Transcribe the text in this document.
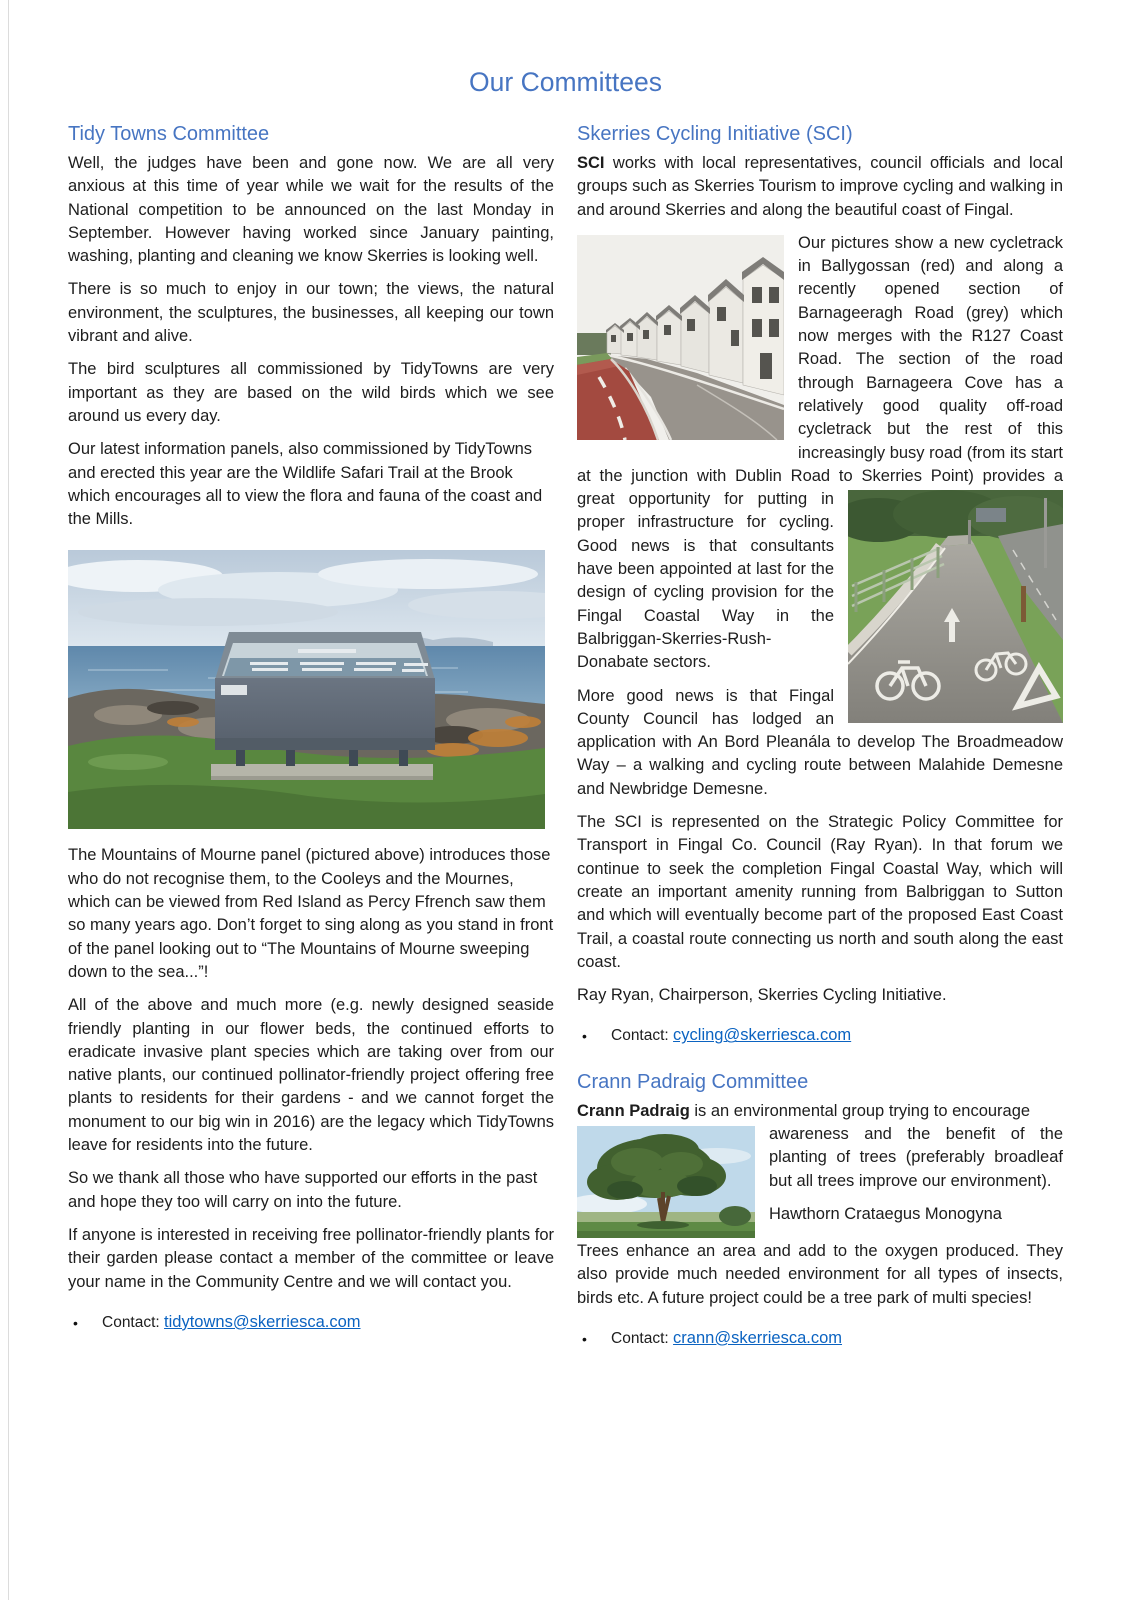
Our Committees
Tidy Towns Committee

Well, the judges have been and gone now. We are all very anxious at this time of year while we wait for the results of the National competition to be announced on the last Monday in September. However having worked since January painting, washing, planting and cleaning we know Skerries is looking well.

There is so much to enjoy in our town; the views, the natural environment, the sculptures, the businesses, all keeping our town vibrant and alive.

The bird sculptures all commissioned by TidyTowns are very important as they are based on the wild birds which we see around us every day.

Our latest information panels, also commissioned by TidyTowns and erected this year are the Wildlife Safari Trail at the Brook which encourages all to view the flora and fauna of the coast and the Mills.

The Mountains of Mourne panel (pictured above) introduces those who do not recognise them, to the Cooleys and the Mournes, which can be viewed from Red Island as Percy Ffrench saw them so many years ago. Don’t forget to sing along as you stand in front of the panel looking out to “The Mountains of Mourne sweeping down to the sea...”!

All of the above and much more (e.g. newly designed seaside friendly planting in our flower beds, the continued efforts to eradicate invasive plant species which are taking over from our native plants, our continued pollinator-friendly project offering free plants to residents for their gardens - and we cannot forget the monument to our big win in 2016) are the legacy which TidyTowns leave for residents into the future.

So we thank all those who have supported our efforts in the past and hope they too will carry on into the future.

If anyone is interested in receiving free pollinator-friendly plants for their garden please contact a member of the committee or leave your name in the Community Centre and we will contact you.

• Contact: tidytowns@skerriesca.com
Skerries Cycling Initiative (SCI)

SCI works with local representatives, council officials and local groups such as Skerries Tourism to improve cycling and walking in and around Skerries and along the beautiful coast of Fingal.

Our pictures show a new cycletrack in Ballygossan (red) and along a recently opened section of Barnageeragh Road (grey) which now merges with the R127 Coast Road. The section of the road through Barnageera Cove has a relatively good quality off-road cycletrack but the rest of this increasingly busy road (from its start at the junction with Dublin Road to Skerries Point) provides a great opportunity for putting in proper infrastructure for cycling. Good news is that consultants have been appointed at last for the design of cycling provision for the Fingal Coastal Way in the Balbriggan-Skerries-Rush-Donabate sectors.

More good news is that Fingal County Council has lodged an application with An Bord Pleanála to develop The Broadmeadow Way – a walking and cycling route between Malahide Demesne and Newbridge Demesne.

The SCI is represented on the Strategic Policy Committee for Transport in Fingal Co. Council (Ray Ryan). In that forum we continue to seek the completion Fingal Coastal Way, which will create an important amenity running from Balbriggan to Sutton and which will eventually become part of the proposed East Coast Trail, a coastal route connecting us north and south along the east coast.

Ray Ryan, Chairperson, Skerries Cycling Initiative.

• Contact: cycling@skerriesca.com
Crann Padraig Committee

Crann Padraig is an environmental group trying to encourage

awareness and the benefit of the planting of trees (preferably broadleaf but all trees improve our environment).
Hawthorn Crataegus Monogyna

Trees enhance an area and add to the oxygen produced. They also provide much needed environment for all types of insects, birds etc. A future project could be a tree park of multi species!

• Contact: crann@skerriesca.com
